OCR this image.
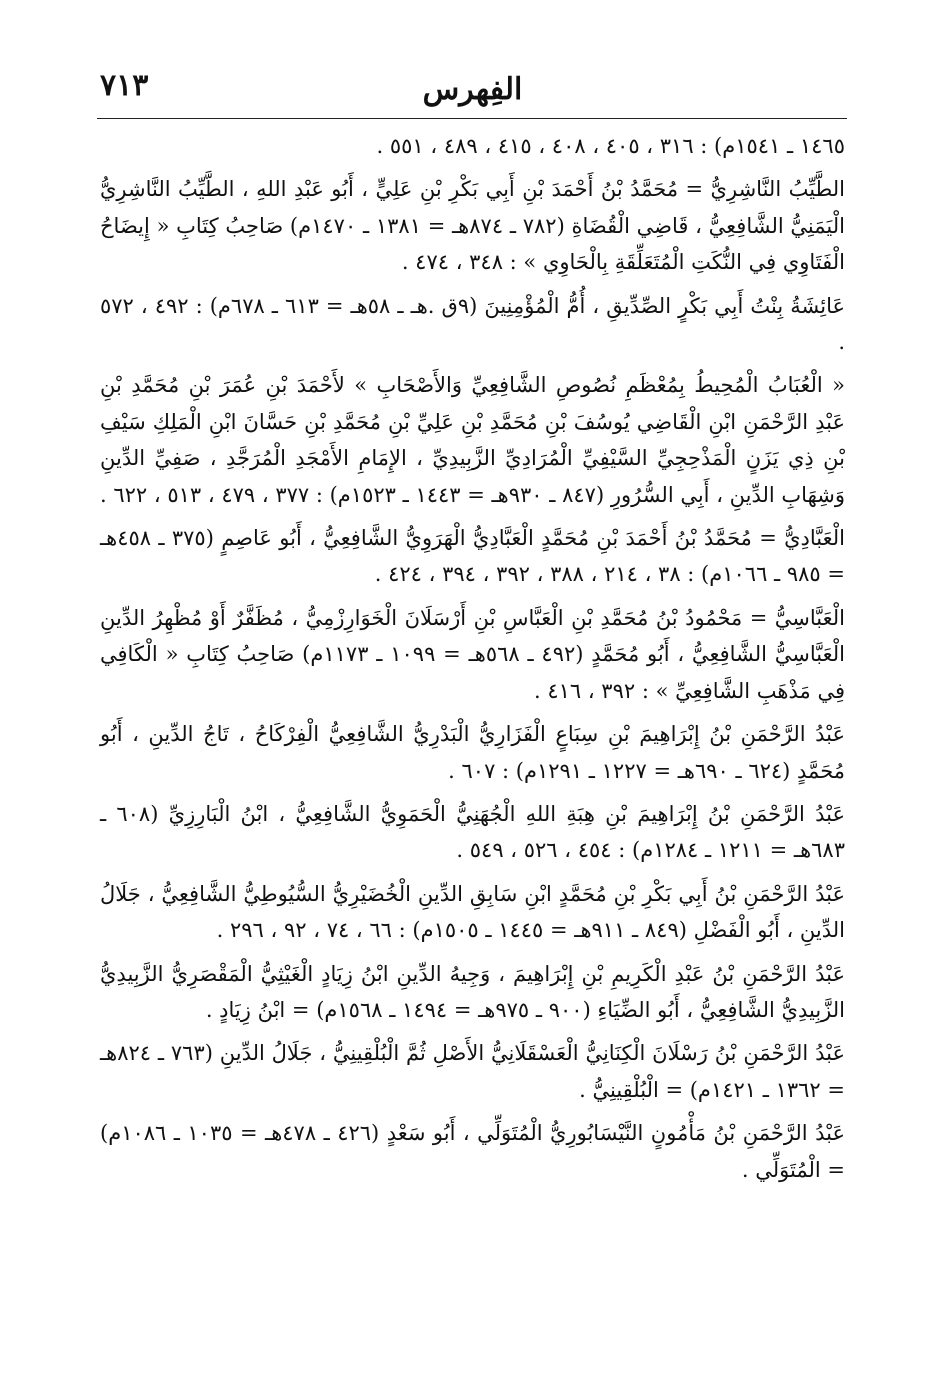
٧١٣	الفِهرس

١٤٦٥ ـ ١٥٤١م) : ٣١٦ ، ٤٠٥ ، ٤٠٨ ، ٤١٥ ، ٤٨٩ ، ٥٥١ .

الطَّيِّبُ النَّاشِرِيُّ = مُحَمَّدُ بْنُ أَحْمَدَ بْنِ أَبِي بَكْرِ بْنِ عَلِيٍّ ، أَبُو عَبْدِ اللهِ ، الطَّيِّبُ النَّاشِرِيُّ الْيَمَنِيُّ الشَّافِعِيُّ ، قَاضِي الْقُضَاةِ (٧٨٢ ـ ٨٧٤هـ = ١٣٨١ ـ ١٤٧٠م) صَاحِبُ كِتَابِ « إِيضَاحُ الْفَتَاوِي فِي النُّكَتِ الْمُتَعَلِّقَةِ بِالْحَاوِي » : ٣٤٨ ، ٤٧٤ .

عَائِشَةُ بِنْتُ أَبِي بَكْرٍ الصِّدِّيقِ ، أُمُّ الْمُؤْمِنِينَ (٩ق .هـ ـ ٥٨هـ = ٦١٣ ـ ٦٧٨م) : ٤٩٢ ، ٥٧٢ .

« الْعُبَابُ الْمُحِيطُ بِمُعْظَمِ نُصُوصِ الشَّافِعِيِّ وَالأَصْحَابِ » لأَحْمَدَ بْنِ عُمَرَ بْنِ مُحَمَّدِ بْنِ عَبْدِ الرَّحْمَنِ ابْنِ الْقَاضِي يُوسُفَ بْنِ مُحَمَّدِ بْنِ عَلِيِّ بْنِ مُحَمَّدِ بْنِ حَسَّانَ ابْنِ الْمَلِكِ سَيْفِ بْنِ ذِي يَزَنٍ الْمَذْحِجِيِّ السَّيْفِيِّ الْمُرَادِيِّ الزَّبِيدِيِّ ، الإِمَامِ الأَمْجَدِ الْمُرَجَّدِ ، صَفِيِّ الدِّينِ وَشِهَابِ الدِّينِ ، أَبِي السُّرُورِ (٨٤٧ ـ ٩٣٠هـ = ١٤٤٣ ـ ١٥٢٣م) : ٣٧٧ ، ٤٧٩ ، ٥١٣ ، ٦٢٢ .

الْعَبَّادِيُّ = مُحَمَّدُ بْنُ أَحْمَدَ بْنِ مُحَمَّدٍ الْعَبَّادِيُّ الْهَرَوِيُّ الشَّافِعِيُّ ، أَبُو عَاصِمٍ (٣٧٥ ـ ٤٥٨هـ = ٩٨٥ ـ ١٠٦٦م) : ٣٨ ، ٢١٤ ، ٣٨٨ ، ٣٩٢ ، ٣٩٤ ، ٤٢٤ .

الْعَبَّاسِيُّ = مَحْمُودُ بْنُ مُحَمَّدِ بْنِ الْعَبَّاسِ بْنِ أَرْسَلَانَ الْخَوَارِزْمِيُّ ، مُظَفَّرٌ أَوْ مُظْهِرُ الدِّينِ الْعَبَّاسِيُّ الشَّافِعِيُّ ، أَبُو مُحَمَّدٍ (٤٩٢ ـ ٥٦٨هـ = ١٠٩٩ ـ ١١٧٣م) صَاحِبُ كِتَابِ « الْكَافِي فِي مَذْهَبِ الشَّافِعِيِّ » : ٣٩٢ ، ٤١٦ .

عَبْدُ الرَّحْمَنِ بْنُ إِبْرَاهِيمَ بْنِ سِبَاعٍ الْفَزَارِيُّ الْبَدْرِيُّ الشَّافِعِيُّ الْفِرْكَاحُ ، تَاجُ الدِّينِ ، أَبُو مُحَمَّدٍ (٦٢٤ ـ ٦٩٠هـ = ١٢٢٧ ـ ١٢٩١م) : ٦٠٧ .

عَبْدُ الرَّحْمَنِ بْنُ إِبْرَاهِيمَ بْنِ هِبَةِ اللهِ الْجُهَنِيُّ الْحَمَوِيُّ الشَّافِعِيُّ ، ابْنُ الْبَارِزِيِّ (٦٠٨ ـ ٦٨٣هـ = ١٢١١ ـ ١٢٨٤م) : ٤٥٤ ، ٥٢٦ ، ٥٤٩ .

عَبْدُ الرَّحْمَنِ بْنُ أَبِي بَكْرِ بْنِ مُحَمَّدٍ ابْنِ سَابِقِ الدِّينِ الْخُضَيْرِيُّ السُّيُوطِيُّ الشَّافِعِيُّ ، جَلَالُ الدِّينِ ، أَبُو الْفَضْلِ (٨٤٩ ـ ٩١١هـ = ١٤٤٥ ـ ١٥٠٥م) : ٦٦ ، ٧٤ ، ٩٢ ، ٢٩٦ .

عَبْدُ الرَّحْمَنِ بْنُ عَبْدِ الْكَرِيمِ بْنِ إِبْرَاهِيمَ ، وَجِيهُ الدِّينِ ابْنُ زِيَادٍ الْغَيْثِيُّ الْمَقْصَرِيُّ الزَّبِيدِيُّ الزَّبِيدِيُّ الشَّافِعِيُّ ، أَبُو الضِّيَاءِ (٩٠٠ ـ ٩٧٥هـ = ١٤٩٤ ـ ١٥٦٨م) = ابْنُ زِيَادٍ .

عَبْدُ الرَّحْمَنِ بْنُ رَسْلَانَ الْكِنَانِيُّ الْعَسْقَلَانِيُّ الأَصْلِ ثُمَّ الْبُلْقِينِيُّ ، جَلَالُ الدِّينِ (٧٦٣ ـ ٨٢٤هـ = ١٣٦٢ ـ ١٤٢١م) = الْبُلْقِينِيُّ .

عَبْدُ الرَّحْمَنِ بْنُ مَأْمُونٍ النَّيْسَابُورِيُّ الْمُتَوَلِّي ، أَبُو سَعْدٍ (٤٢٦ ـ ٤٧٨هـ = ١٠٣٥ ـ ١٠٨٦م) = الْمُتَوَلِّي .
